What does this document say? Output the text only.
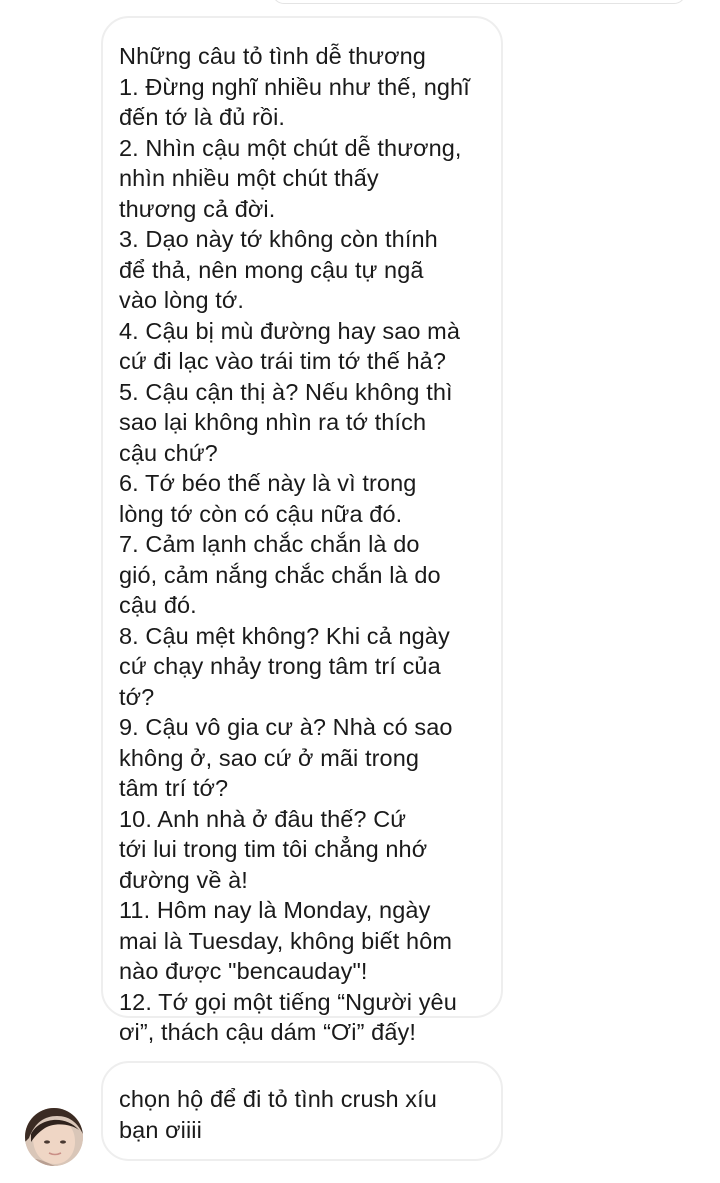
Những câu tỏ tình dễ thương
1. Đừng nghĩ nhiều như thế, nghĩ
đến tớ là đủ rồi.
2. Nhìn cậu một chút dễ thương,
nhìn nhiều một chút thấy
thương cả đời.
3. Dạo này tớ không còn thính
để thả, nên mong cậu tự ngã
vào lòng tớ.
4. Cậu bị mù đường hay sao mà
cứ đi lạc vào trái tim tớ thế hả?
5. Cậu cận thị à? Nếu không thì
sao lại không nhìn ra tớ thích
cậu chứ?
6. Tớ béo thế này là vì trong
lòng tớ còn có cậu nữa đó.
7. Cảm lạnh chắc chắn là do
gió, cảm nắng chắc chắn là do
cậu đó.
8. Cậu mệt không? Khi cả ngày
cứ chạy nhảy trong tâm trí của
tớ?
9. Cậu vô gia cư à? Nhà có sao
không ở, sao cứ ở mãi trong
tâm trí tớ?
10. Anh nhà ở đâu thế? Cứ
tới lui trong tim tôi chẳng nhớ
đường về à!
11. Hôm nay là Monday, ngày
mai là Tuesday, không biết hôm
nào được "bencauday"!
12. Tớ gọi một tiếng “Người yêu
ơi”, thách cậu dám “Ơi” đấy!
chọn hộ để đi tỏ tình crush xíu
bạn ơiiii
